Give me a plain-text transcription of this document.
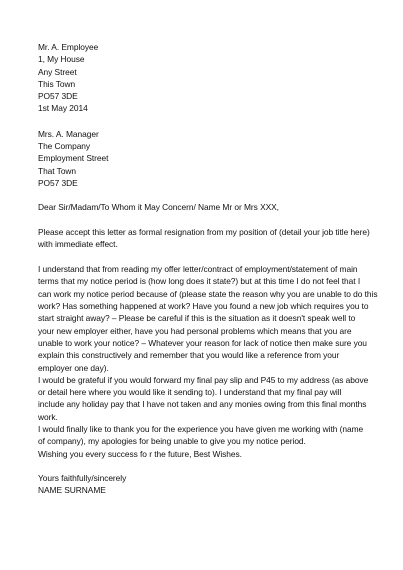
Mr. A. Employee
1, My House
Any Street
This Town
PO57 3DE
1st May 2014
Mrs. A. Manager
The Company
Employment Street
That Town
PO57 3DE
Dear Sir/Madam/To Whom it May Concern/ Name Mr or Mrs XXX,
Please accept this letter as formal resignation from my position of (detail your job title here)
with immediate effect.
I understand that from reading my offer letter/contract of employment/statement of main
terms that my notice period is (how long does it state?) but at this time I do not feel that I
can work my notice period because of (please state the reason why you are unable to do this
work? Has something happened at work? Have you found a new job which requires you to
start straight away? – Please be careful if this is the situation as it doesn't speak well to
your new employer either, have you had personal problems which means that you are
unable to work your notice? – Whatever your reason for lack of notice then make sure you
explain this constructively and remember that you would like a reference from your
employer one day).
I would be grateful if you would forward my final pay slip and P45 to my address (as above
or detail here where you would like it sending to). I understand that my final pay will
include any holiday pay that I have not taken and any monies owing from this final months
work.
I would finally like to thank you for the experience you have given me working with (name
of company), my apologies for being unable to give you my notice period.
Wishing you every success fo r the future, Best Wishes.
Yours faithfully/sincerely
NAME SURNAME
